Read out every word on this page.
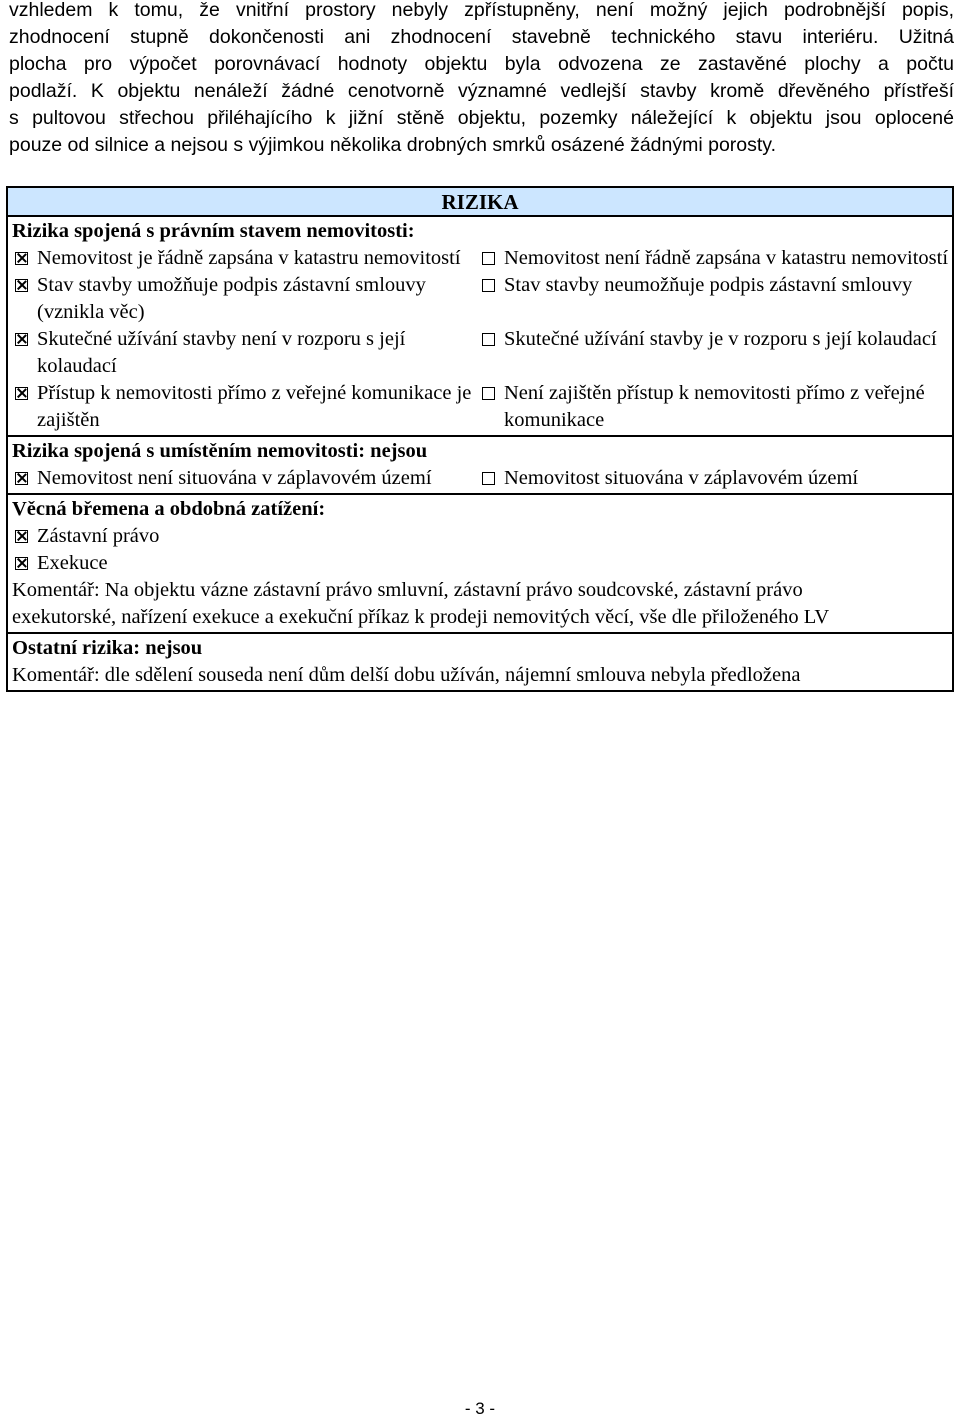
vzhledem k tomu, že vnitřní prostory nebyly zpřístupněny, není možný jejich podrobnější popis,
zhodnocení stupně dokončenosti ani zhodnocení stavebně technického stavu interiéru. Užitná
plocha pro výpočet porovnávací hodnoty objektu byla odvozena ze zastavěné plochy a počtu
podlaží. K objektu nenáleží žádné cenotvorně významné vedlejší stavby kromě dřevěného přístřeší
s pultovou střechou přiléhajícího k jižní stěně objektu, pozemky náležející k objektu jsou oplocené
pouze od silnice a nejsou s výjimkou několika drobných smrků osázené žádnými porosty.
RIZIKA
Rizika spojená s právním stavem nemovitosti:
Nemovitost je řádně zapsána v katastru nemovitostí	Nemovitost není řádně zapsána v katastru nemovitostí
Stav stavby umožňuje podpis zástavní smlouvy (vznikla věc)
Stav stavby neumožňuje podpis zástavní smlouvy
Skutečné užívání stavby není v rozporu s její kolaudací
Skutečné užívání stavby je v rozporu s její kolaudací
Přístup k nemovitosti přímo z veřejné komunikace je zajištěn
Není zajištěn přístup k nemovitosti přímo z veřejné komunikace
Rizika spojená s umístěním nemovitosti: nejsou
Nemovitost není situována v záplavovém území	Nemovitost situována v záplavovém území
Věcná břemena a obdobná zatížení:
Zástavní právo
Exekuce
Komentář: Na objektu vázne zástavní právo smluvní, zástavní právo soudcovské, zástavní právo exekutorské, nařízení exekuce a exekuční příkaz k prodeji nemovitých věcí, vše dle přiloženého LV
Ostatní rizika: nejsou
Komentář: dle sdělení souseda není dům delší dobu užíván, nájemní smlouva nebyla předložena
- 3 -
